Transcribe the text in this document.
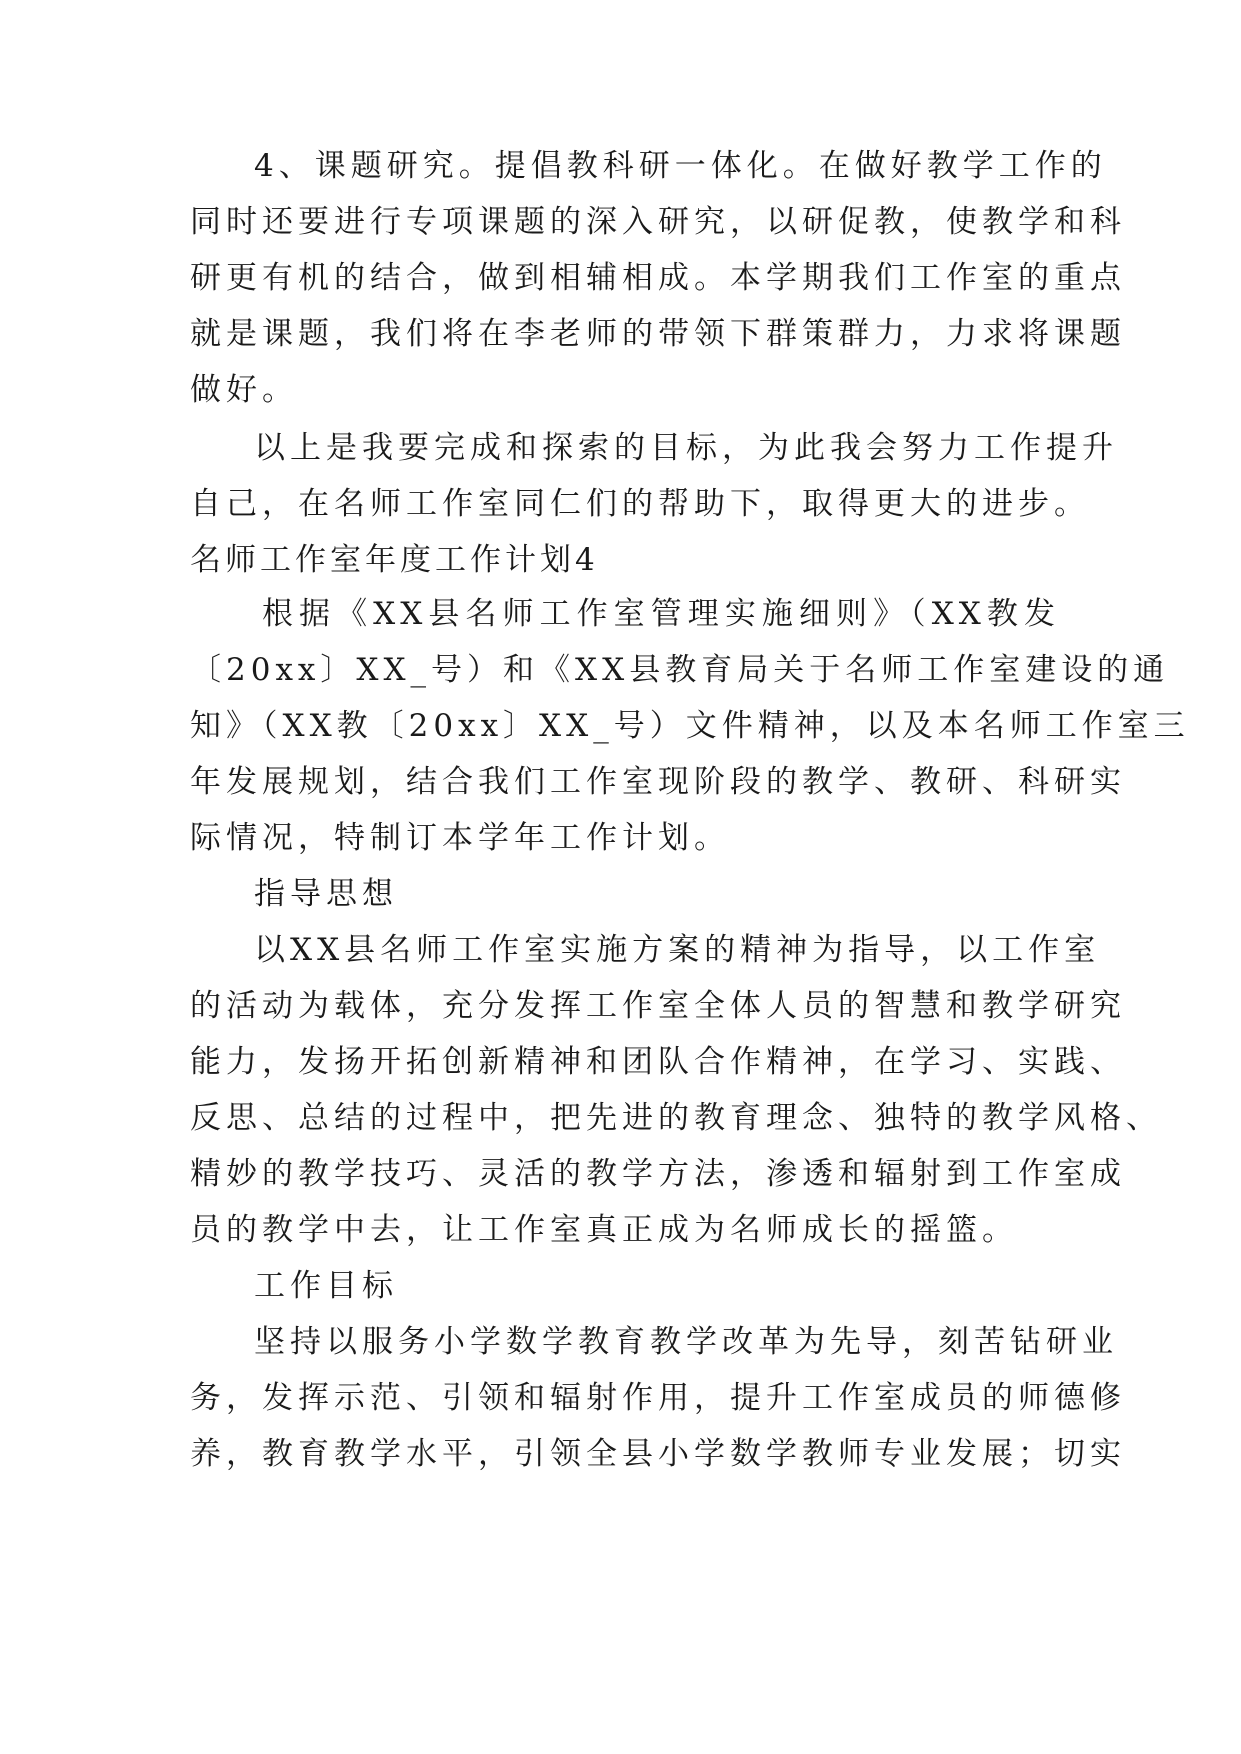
4、课题研究。提倡教科研一体化。在做好教学工作的
同时还要进行专项课题的深入研究，以研促教，使教学和科
研更有机的结合，做到相辅相成。本学期我们工作室的重点
就是课题，我们将在李老师的带领下群策群力，力求将课题
做好。
以上是我要完成和探索的目标，为此我会努力工作提升
自己，在名师工作室同仁们的帮助下，取得更大的进步。
名师工作室年度工作计划4
根据《XX县名师工作室管理实施细则》（XX教发
〔20xx〕XX_号）和《XX县教育局关于名师工作室建设的通
知》（XX教〔20xx〕XX_号）文件精神，以及本名师工作室三
年发展规划，结合我们工作室现阶段的教学、教研、科研实
际情况，特制订本学年工作计划。
指导思想
以XX县名师工作室实施方案的精神为指导，以工作室
的活动为载体，充分发挥工作室全体人员的智慧和教学研究
能力，发扬开拓创新精神和团队合作精神，在学习、实践、
反思、总结的过程中，把先进的教育理念、独特的教学风格、
精妙的教学技巧、灵活的教学方法，渗透和辐射到工作室成
员的教学中去，让工作室真正成为名师成长的摇篮。
工作目标
坚持以服务小学数学教育教学改革为先导，刻苦钻研业
务，发挥示范、引领和辐射作用，提升工作室成员的师德修
养，教育教学水平，引领全县小学数学教师专业发展；切实
